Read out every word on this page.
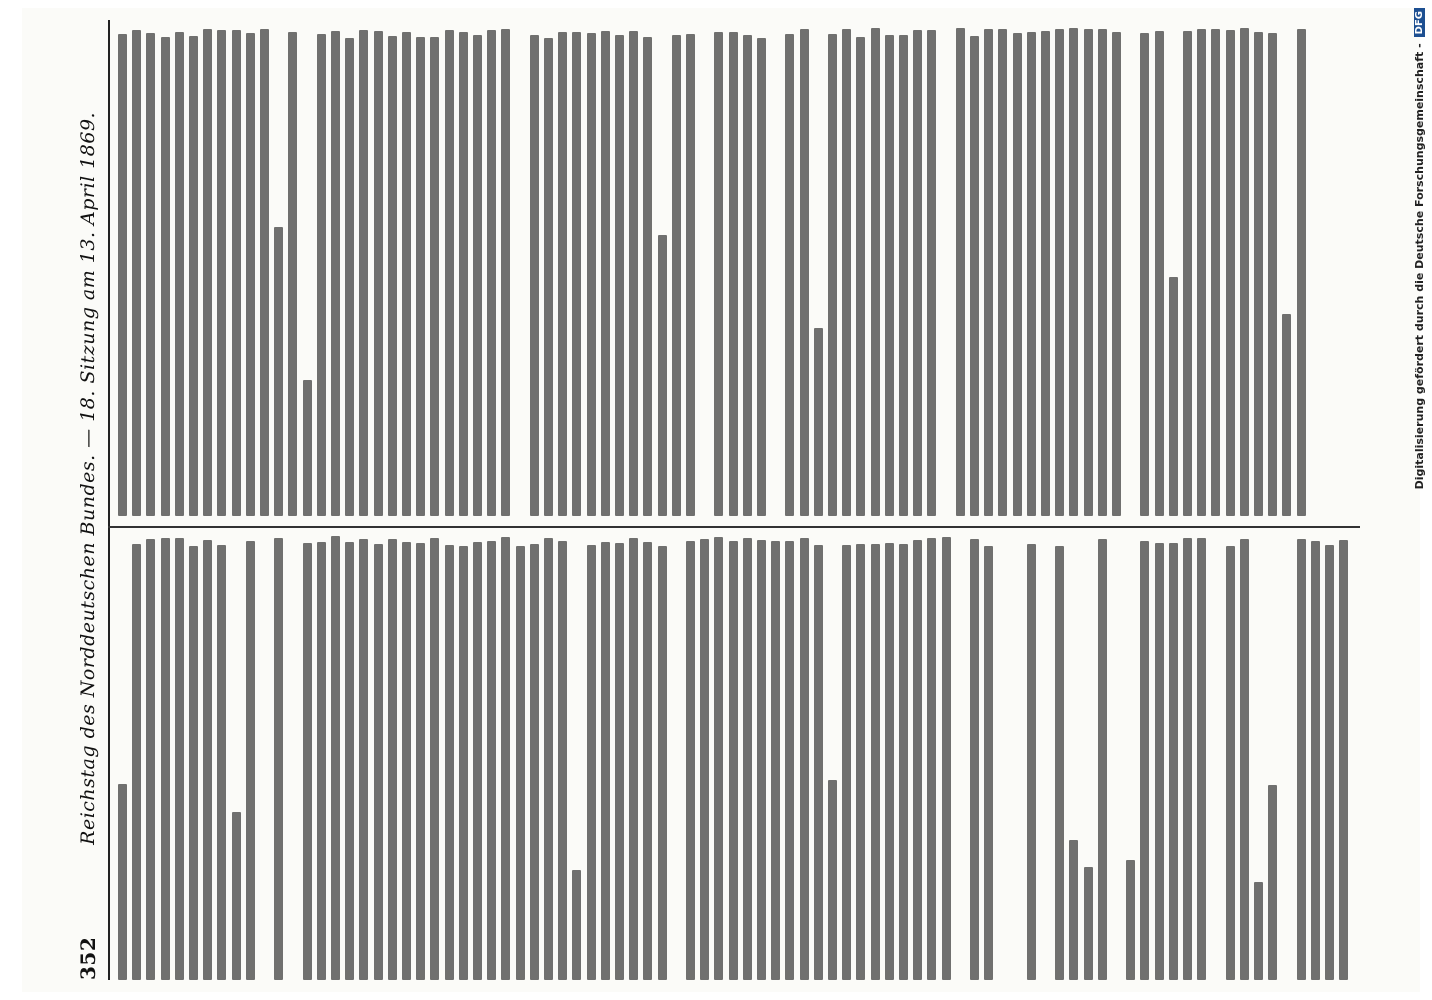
352
Reichstag des Norddeutschen Bundes. — 18. Sitzung am 13. April 1869.	Digitalisierung gefördert durch die Deutsche Forschungsgemeinschaft -
DFG
